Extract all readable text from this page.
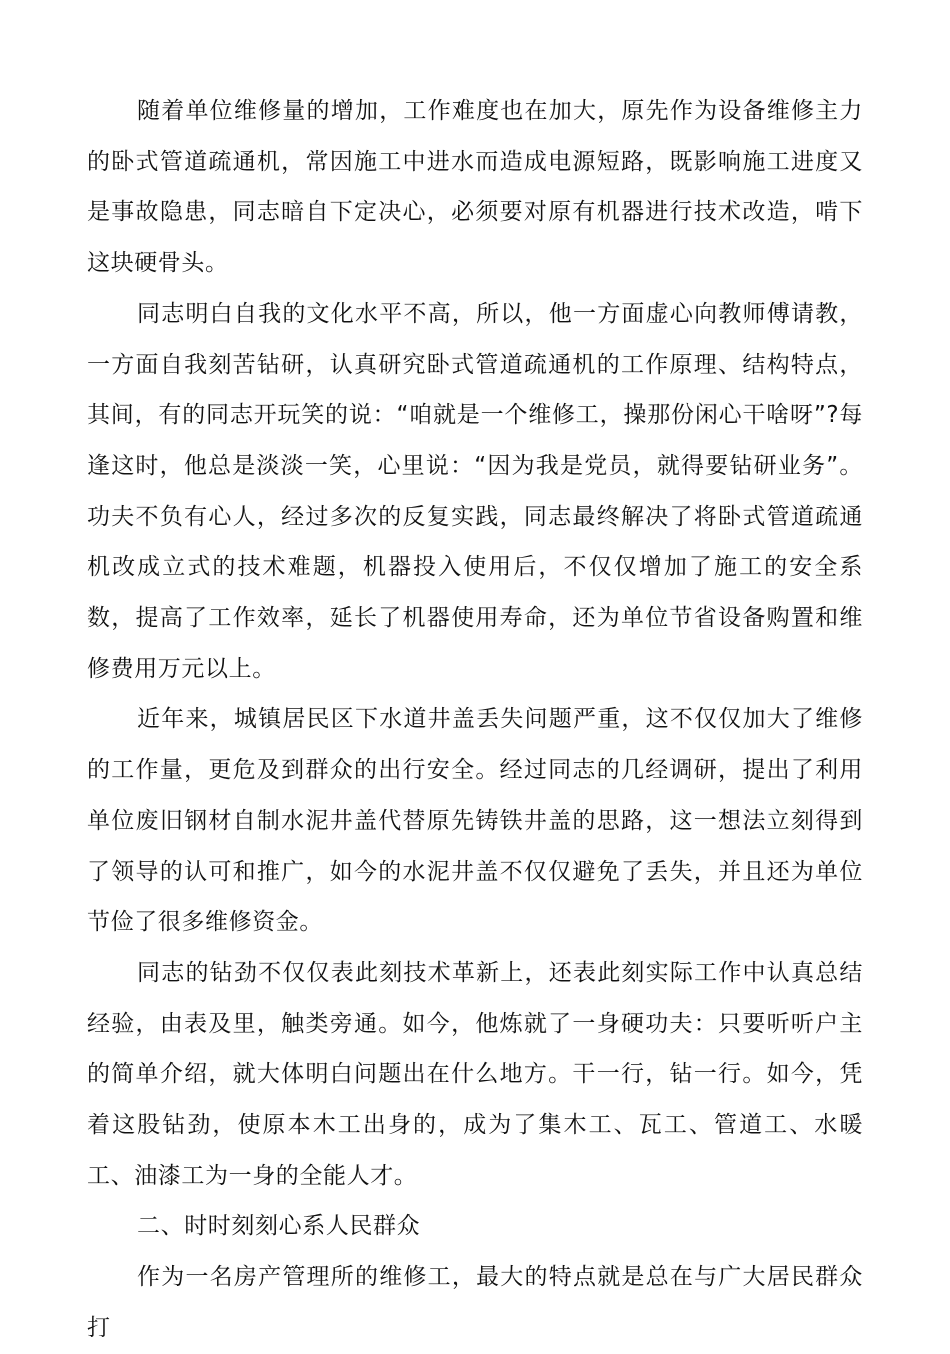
随着单位维修量的增加，工作难度也在加大，原先作为设备维修主力的卧式管道疏通机，常因施工中进水而造成电源短路，既影响施工进度又是事故隐患，同志暗自下定决心，必须要对原有机器进行技术改造，啃下这块硬骨头。

同志明白自我的文化水平不高，所以，他一方面虚心向教师傅请教，一方面自我刻苦钻研，认真研究卧式管道疏通机的工作原理、结构特点，其间，有的同志开玩笑的说：“咱就是一个维修工，操那份闲心干啥呀”?每逢这时，他总是淡淡一笑，心里说：“因为我是党员，就得要钻研业务”。功夫不负有心人，经过多次的反复实践，同志最终解决了将卧式管道疏通机改成立式的技术难题，机器投入使用后，不仅仅增加了施工的安全系数，提高了工作效率，延长了机器使用寿命，还为单位节省设备购置和维修费用万元以上。

近年来，城镇居民区下水道井盖丢失问题严重，这不仅仅加大了维修的工作量，更危及到群众的出行安全。经过同志的几经调研，提出了利用单位废旧钢材自制水泥井盖代替原先铸铁井盖的思路，这一想法立刻得到了领导的认可和推广，如今的水泥井盖不仅仅避免了丢失，并且还为单位节俭了很多维修资金。

同志的钻劲不仅仅表此刻技术革新上，还表此刻实际工作中认真总结经验，由表及里，触类旁通。如今，他炼就了一身硬功夫：只要听听户主的简单介绍，就大体明白问题出在什么地方。干一行，钻一行。如今，凭着这股钻劲，使原本木工出身的，成为了集木工、瓦工、管道工、水暖工、油漆工为一身的全能人才。

二、时时刻刻心系人民群众

作为一名房产管理所的维修工，最大的特点就是总在与广大居民群众打
